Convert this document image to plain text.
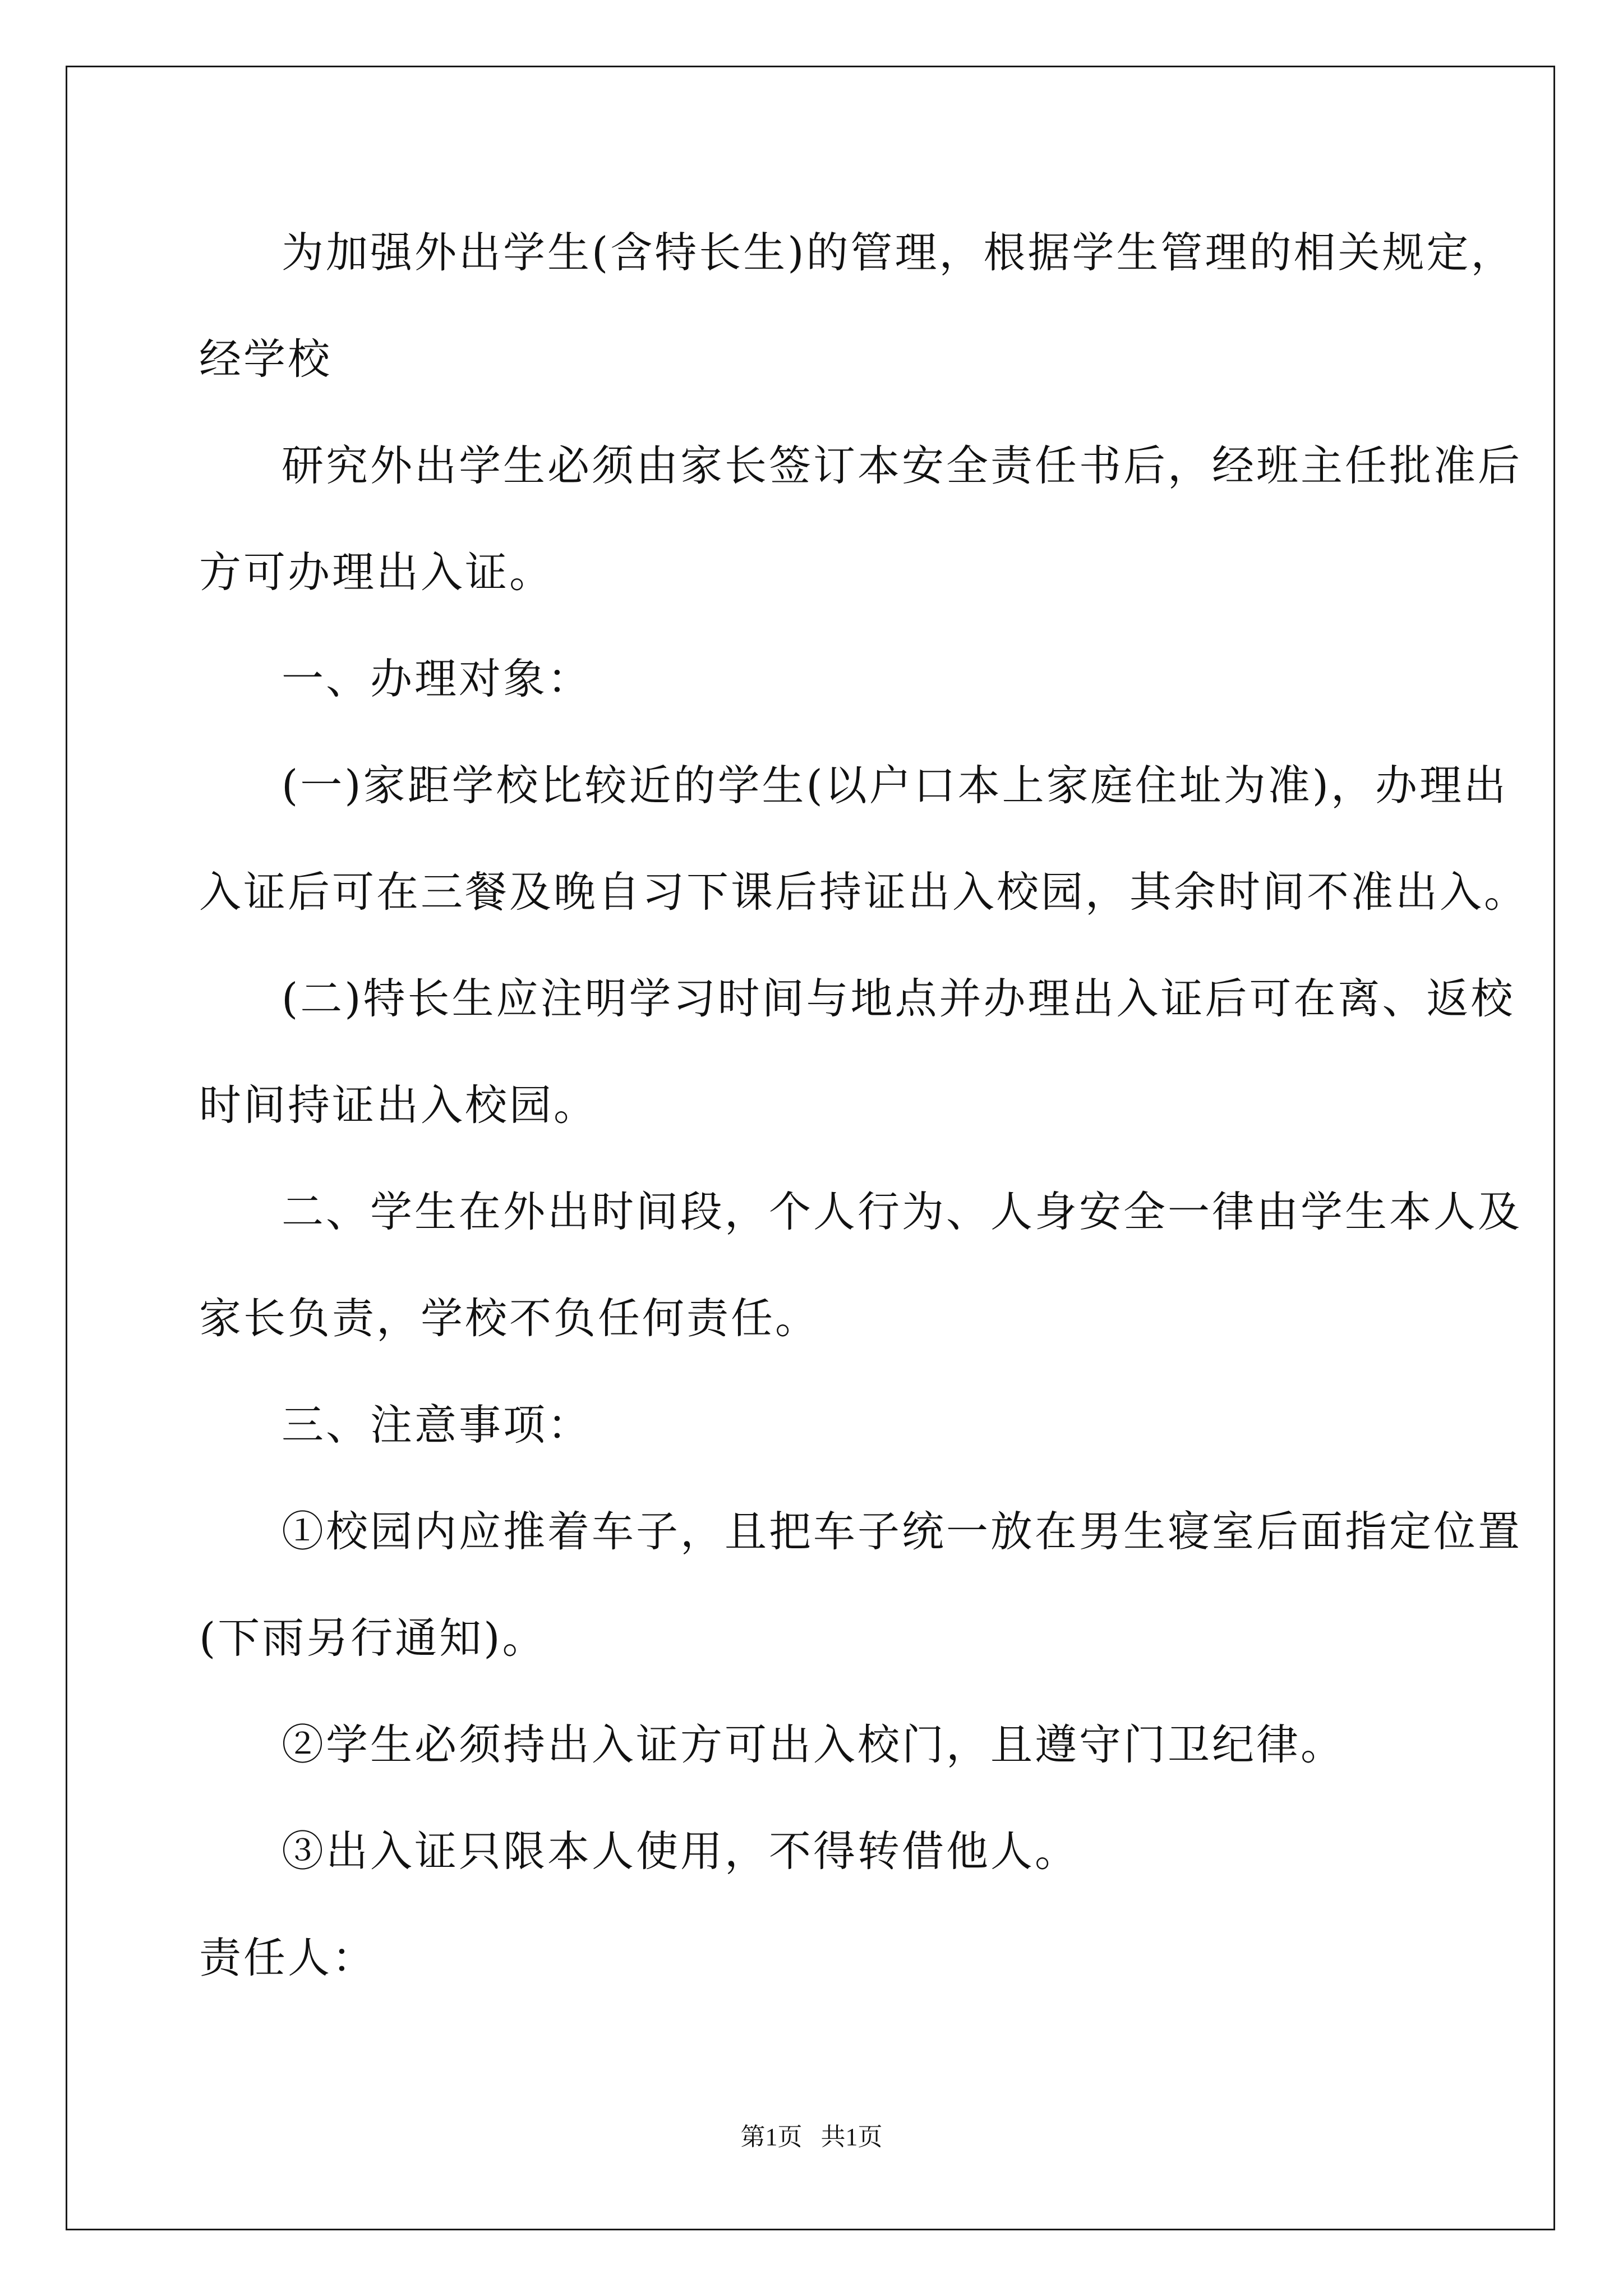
为加强外出学生(含特长生)的管理，根据学生管理的相关规定，
经学校
研究外出学生必须由家长签订本安全责任书后，经班主任批准后
方可办理出入证。
一、办理对象：
(一)家距学校比较近的学生(以户口本上家庭住址为准)，办理出
入证后可在三餐及晚自习下课后持证出入校园，其余时间不准出入。
(二)特长生应注明学习时间与地点并办理出入证后可在离、返校
时间持证出入校园。
二、学生在外出时间段，个人行为、人身安全一律由学生本人及
家长负责，学校不负任何责任。
三、注意事项：
①校园内应推着车子，且把车子统一放在男生寝室后面指定位置
(下雨另行通知)。
②学生必须持出入证方可出入校门，且遵守门卫纪律。
③出入证只限本人使用，不得转借他人。
责任人：
第1页   共1页
